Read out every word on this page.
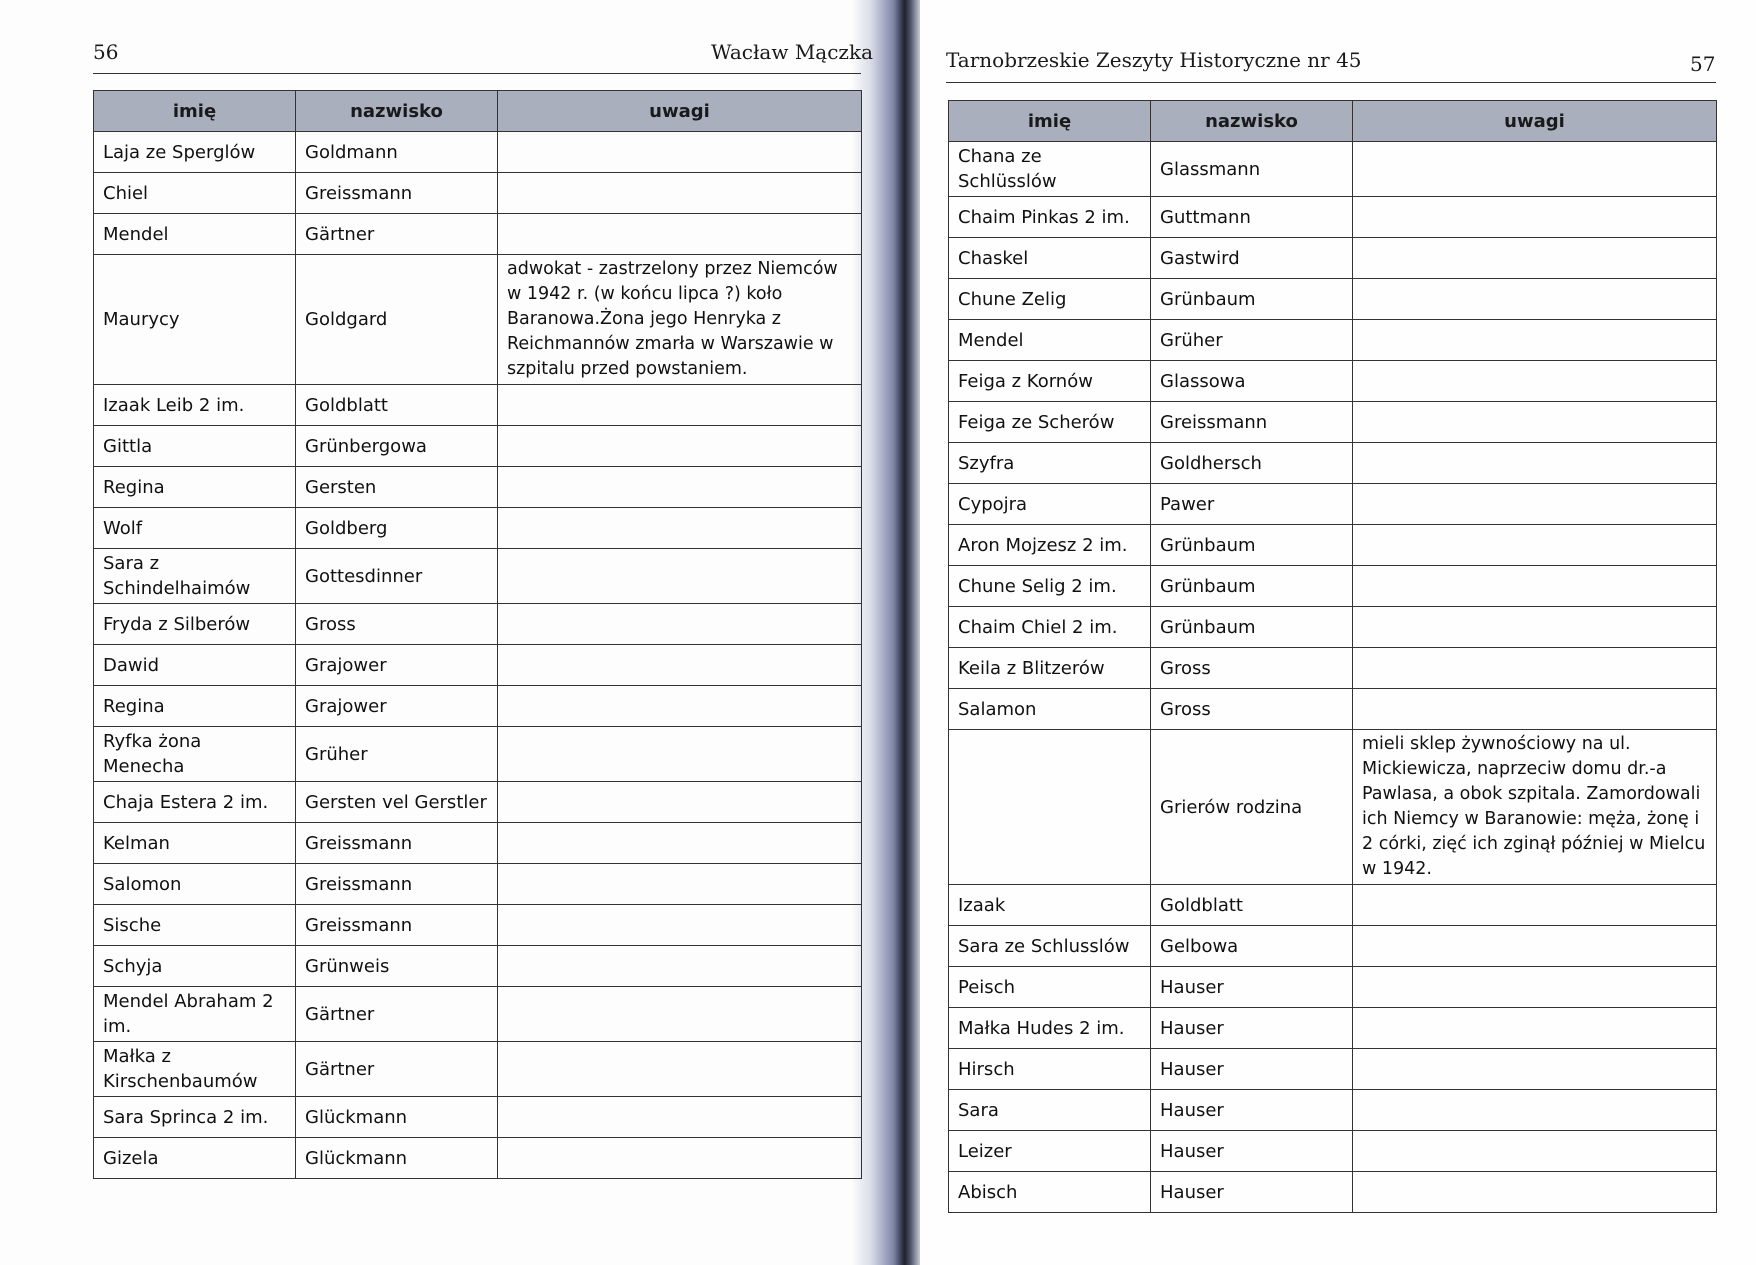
56	Wacław Mączka	Tarnobrzeskie Zeszyty Historyczne nr 45	57
imię	nazwisko	uwagi
Laja ze Sperglów	Goldmann	
Chiel	Greissmann	
Mendel	Gärtner	
Maurycy	Goldgard	adwokat - zastrzelony przez Niemców w 1942 r. (w końcu lipca ?) koło Baranowa.Żona jego Henryka z Reichmannów zmarła w Warszawie w szpitalu przed powstaniem.
Izaak Leib 2 im.	Goldblatt	
Gittla	Grünbergowa	
Regina	Gersten	
Wolf	Goldberg	
Sara z Schindelhaimów	Gottesdinner	
Fryda z Silberów	Gross	
Dawid	Grajower	
Regina	Grajower	
Ryfka żona Menecha	Grüher	
Chaja Estera 2 im.	Gersten vel Gerstler	
Kelman	Greissmann	
Salomon	Greissmann	
Sische	Greissmann	
Schyja	Grünweis	
Mendel Abraham 2 im.	Gärtner	
Małka z Kirschenbaumów	Gärtner	
Sara Sprinca 2 im.	Glückmann	
Gizela	Glückmann	
imię	nazwisko	uwagi
Chana ze Schlüsslów	Glassmann	
Chaim Pinkas 2 im.	Guttmann	
Chaskel	Gastwird	
Chune Zelig	Grünbaum	
Mendel	Grüher	
Feiga z Kornów	Glassowa	
Feiga ze Scherów	Greissmann	
Szyfra	Goldhersch	
Cypojra	Pawer	
Aron Mojzesz 2 im.	Grünbaum	
Chune Selig 2 im.	Grünbaum	
Chaim Chiel 2 im.	Grünbaum	
Keila z Blitzerów	Gross	
Salamon	Gross	
	Grierów rodzina	mieli sklep żywnościowy na ul. Mickiewicza, naprzeciw domu dr.-a Pawlasa, a obok szpitala. Zamordowali ich Niemcy w Baranowie: męża, żonę i 2 córki, zięć ich zginął później w Mielcu w 1942.
Izaak	Goldblatt	
Sara ze Schlusslów	Gelbowa	
Peisch	Hauser	
Małka Hudes 2 im.	Hauser	
Hirsch	Hauser	
Sara	Hauser	
Leizer	Hauser	
Abisch	Hauser	
